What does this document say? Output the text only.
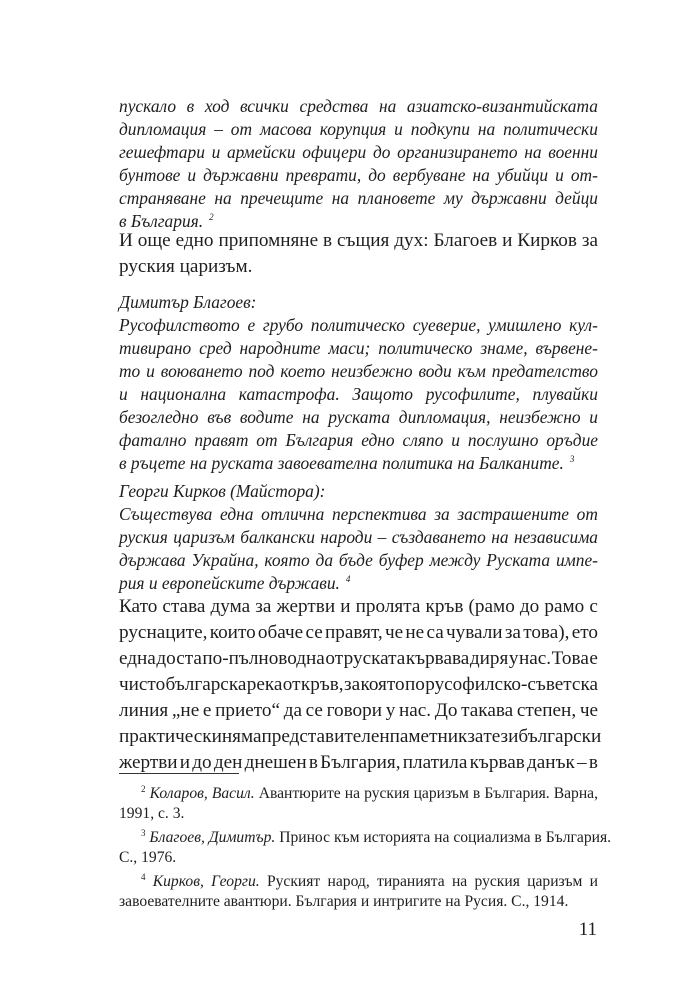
пускало в ход всички средства на азиатско-византийската
дипломация – от масова корупция и подкупи на политически
гешефтари и армейски офицери до организирането на военни
бунтове и държавни преврати, до вербуване на убийци и от-
страняване на пречещите на плановете му държавни дейци
в България. $^2$
И още едно припомняне в същия дух: Благоев и Кирков за
руския царизъм.
Димитър Благоев:
Русофилството е грубо политическо суеверие, умишлено кул-
тивирано сред народните маси; политическо знаме, вървене-
то и воюването под което неизбежно води към предателство
и национална катастрофа. Защото русофилите, плувайки
безогледно във водите на руската дипломация, неизбежно и
фатално правят от България едно сляпо и послушно оръдие
в ръцете на руската завоевателна политика на Балканите. $^3$
Георги Кирков (Майстора):
Съществува една отлична перспектива за застрашените от
руския царизъм балкански народи – създаването на независима
държава Украйна, която да бъде буфер между Руската импе-
рия и европейските държави. $^4$
Като става дума за жертви и пролята кръв (рамо до рамо с
руснаците, които обаче се правят, че не са чували за това), ето
една доста по-пълноводна от руската кървава диря у нас. Това е
чисто българска река от кръв, за която по русофилско-съветска
линия „не е прието“ да се говори у нас. До такава степен, че
практически няма представителен паметник за тези български
жертви и до ден днешен в България, платила кървав данък – в
$^2$ Коларов, Васил. Авантюрите на руския царизъм в България. Варна,
1991, с. 3.
$^3$ Благоев, Димитър. Принос към историята на социализма в България.
С., 1976.
$^4$ Кирков, Георги. Руският народ, тиранията на руския царизъм и
завоевателните авантюри. България и интригите на Русия. С., 1914.
11
